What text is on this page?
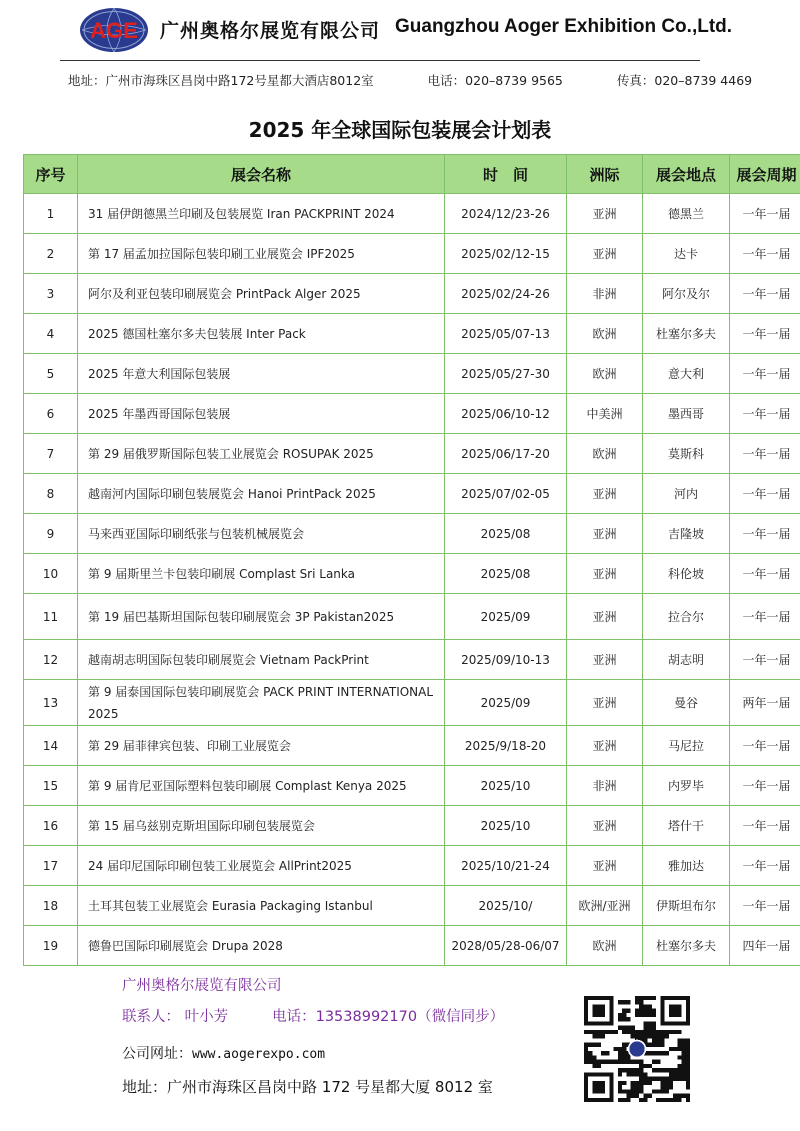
AGE 广州奥格尔展览有限公司 Guangzhou Aoger Exhibition Co.,Ltd.
地址：广州市海珠区昌岗中路172号星都大酒店8012室	电话：020–8739 9565	传真：020–8739 4469
2025 年全球国际包装展会计划表
序号	展会名称	时　间	洲际	展会地点	展会周期
1	31 届伊朗德黑兰印刷及包装展览 Iran PACKPRINT 2024	2024/12/23-26	亚洲	德黑兰	一年一届
2	第 17 届孟加拉国际包装印刷工业展览会 IPF2025	2025/02/12-15	亚洲	达卡	一年一届
3	阿尔及利亚包装印刷展览会 PrintPack Alger 2025	2025/02/24-26	非洲	阿尔及尔	一年一届
4	2025 德国杜塞尔多夫包装展 Inter Pack	2025/05/07-13	欧洲	杜塞尔多夫	一年一届
5	2025 年意大利国际包装展	2025/05/27-30	欧洲	意大利	一年一届
6	2025 年墨西哥国际包装展	2025/06/10-12	中美洲	墨西哥	一年一届
7	第 29 届俄罗斯国际包装工业展览会 ROSUPAK 2025	2025/06/17-20	欧洲	莫斯科	一年一届
8	越南河内国际印刷包装展览会 Hanoi PrintPack 2025	2025/07/02-05	亚洲	河内	一年一届
9	马来西亚国际印刷纸张与包装机械展览会	2025/08	亚洲	吉隆坡	一年一届
10	第 9 届斯里兰卡包装印刷展 Complast Sri Lanka	2025/08	亚洲	科伦坡	一年一届
11	第 19 届巴基斯坦国际包装印刷展览会 3P Pakistan2025	2025/09	亚洲	拉合尔	一年一届
12	越南胡志明国际包装印刷展览会 Vietnam PackPrint	2025/09/10-13	亚洲	胡志明	一年一届
13	第 9 届泰国国际包装印刷展览会 PACK PRINT INTERNATIONAL 2025	2025/09	亚洲	曼谷	两年一届
14	第 29 届菲律宾包装、印刷工业展览会	2025/9/18-20	亚洲	马尼拉	一年一届
15	第 9 届肯尼亚国际塑料包装印刷展 Complast Kenya 2025	2025/10	非洲	内罗毕	一年一届
16	第 15 届乌兹别克斯坦国际印刷包装展览会	2025/10	亚洲	塔什干	一年一届
17	24 届印尼国际印刷包装工业展览会 AllPrint2025	2025/10/21-24	亚洲	雅加达	一年一届
18	土耳其包装工业展览会 Eurasia Packaging Istanbul	2025/10/	欧洲/亚洲	伊斯坦布尔	一年一届
19	德鲁巴国际印刷展览会 Drupa 2028	2028/05/28-06/07	欧洲	杜塞尔多夫	四年一届
广州奥格尔展览有限公司
联系人： 叶小芳	电话：13538992170（微信同步）
公司网址：www.aogerexpo.com
地址：广州市海珠区昌岗中路 172 号星都大厦 8012 室
